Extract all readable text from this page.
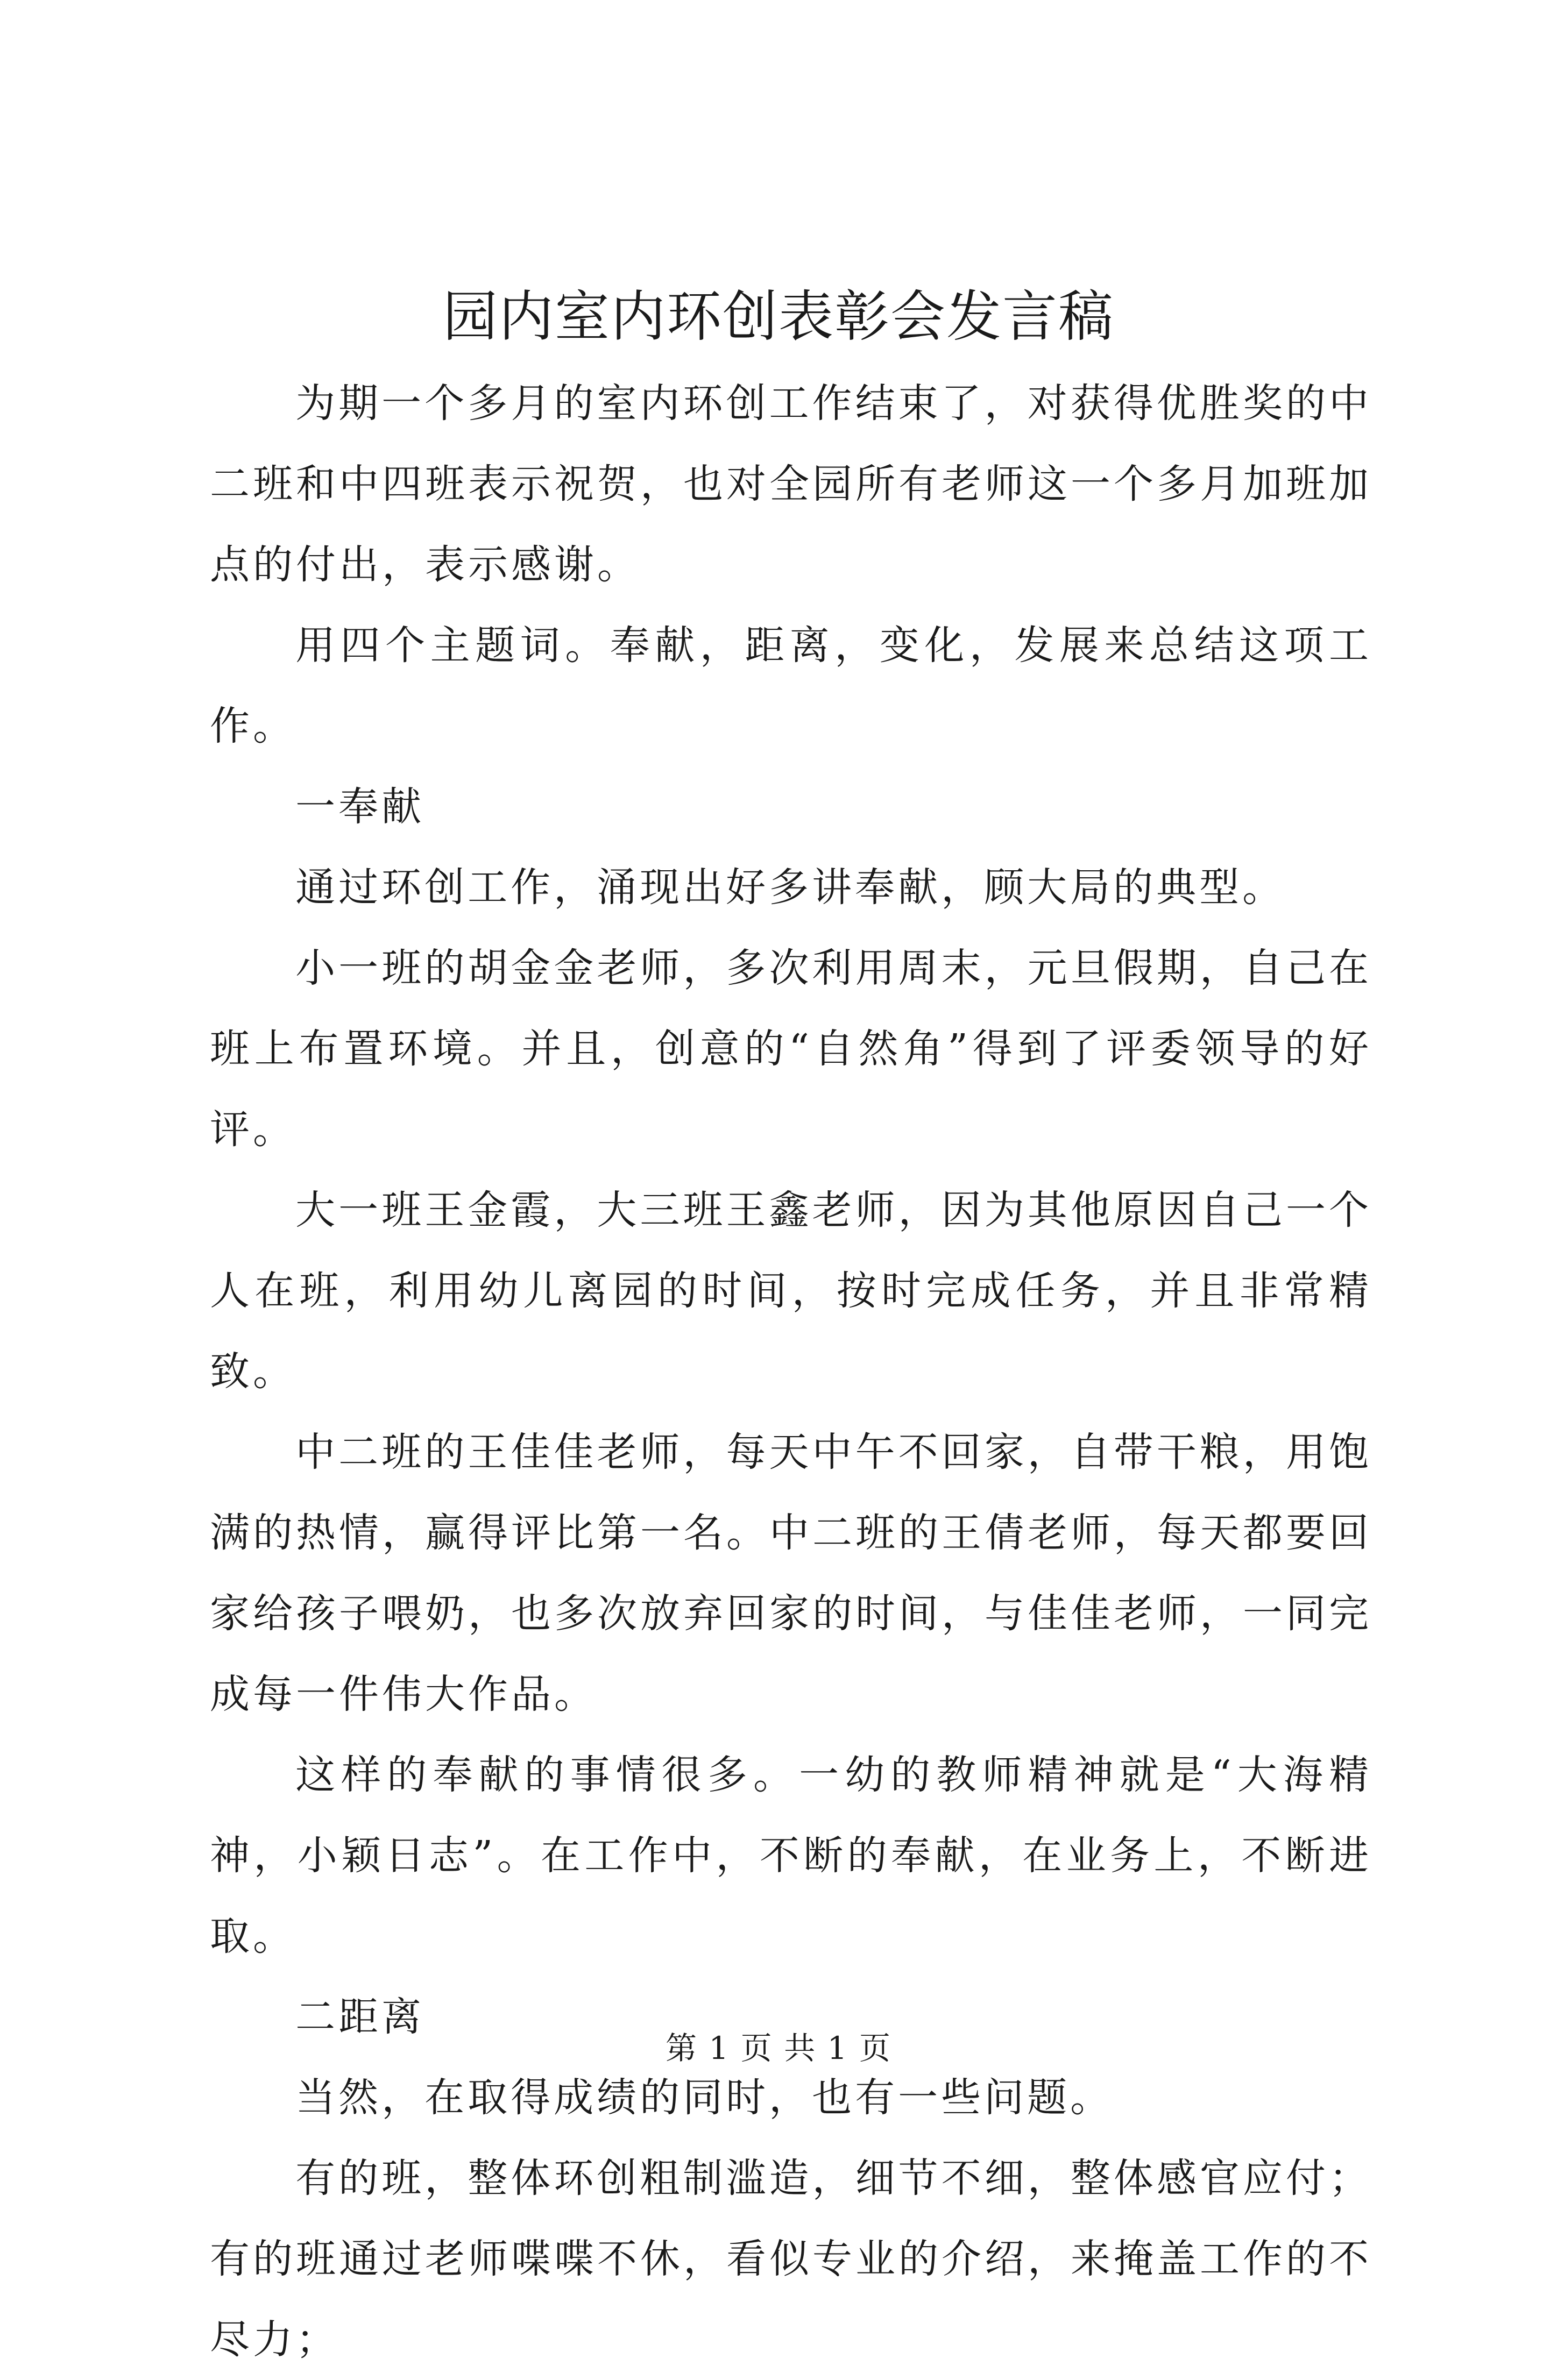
园内室内环创表彰会发言稿

为期一个多月的室内环创工作结束了，对获得优胜奖的中二班和中四班表示祝贺，也对全园所有老师这一个多月加班加点的付出，表示感谢。

用四个主题词。奉献，距离，变化，发展来总结这项工作。

一奉献

通过环创工作，涌现出好多讲奉献，顾大局的典型。

小一班的胡金金老师，多次利用周末，元旦假期，自己在班上布置环境。并且，创意的“自然角”得到了评委领导的好评。

大一班王金霞，大三班王鑫老师，因为其他原因自己一个人在班，利用幼儿离园的时间，按时完成任务，并且非常精致。

中二班的王佳佳老师，每天中午不回家，自带干粮，用饱满的热情，赢得评比第一名。中二班的王倩老师，每天都要回家给孩子喂奶，也多次放弃回家的时间，与佳佳老师，一同完成每一件伟大作品。

这样的奉献的事情很多。一幼的教师精神就是“大海精神，小颖日志”。在工作中，不断的奉献，在业务上，不断进取。

二距离

当然，在取得成绩的同时，也有一些问题。

有的班，整体环创粗制滥造，细节不细，整体感官应付；有的班通过老师喋喋不休，看似专业的介绍，来掩盖工作的不尽力；

第 1 页 共 1 页
